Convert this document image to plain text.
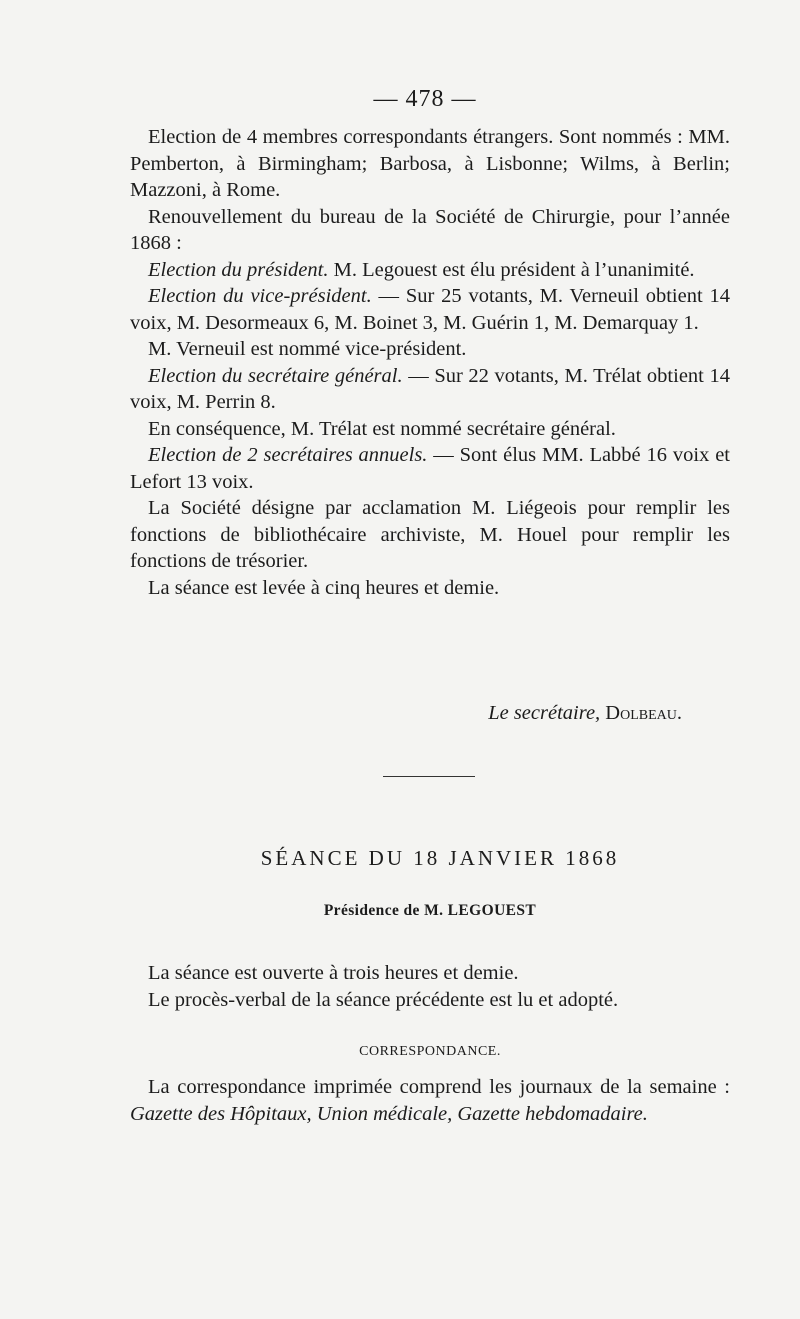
— 478 —

Election de 4 membres correspondants étrangers. Sont nommés : MM. Pemberton, à Birmingham; Barbosa, à Lisbonne; Wilms, à Berlin; Mazzoni, à Rome.

Renouvellement du bureau de la Société de Chirurgie, pour l’année 1868 :

Election du président. M. Legouest est élu président à l’unanimité.

Election du vice-président. — Sur 25 votants, M. Verneuil obtient 14 voix, M. Desormeaux 6, M. Boinet 3, M. Guérin 1, M. Demarquay 1.

M. Verneuil est nommé vice-président.

Election du secrétaire général. — Sur 22 votants, M. Trélat obtient 14 voix, M. Perrin 8.

En conséquence, M. Trélat est nommé secrétaire général.

Election de 2 secrétaires annuels. — Sont élus MM. Labbé 16 voix et Lefort 13 voix.

La Société désigne par acclamation M. Liégeois pour remplir les fonctions de bibliothécaire archiviste, M. Houel pour remplir les fonctions de trésorier.

La séance est levée à cinq heures et demie.

Le secrétaire, Dolbeau.
SÉANCE DU 18 JANVIER 1868
Présidence de M. LEGOUEST

La séance est ouverte à trois heures et demie.

Le procès-verbal de la séance précédente est lu et adopté.

CORRESPONDANCE.

La correspondance imprimée comprend les journaux de la semaine : Gazette des Hôpitaux, Union médicale, Gazette hebdomadaire.
